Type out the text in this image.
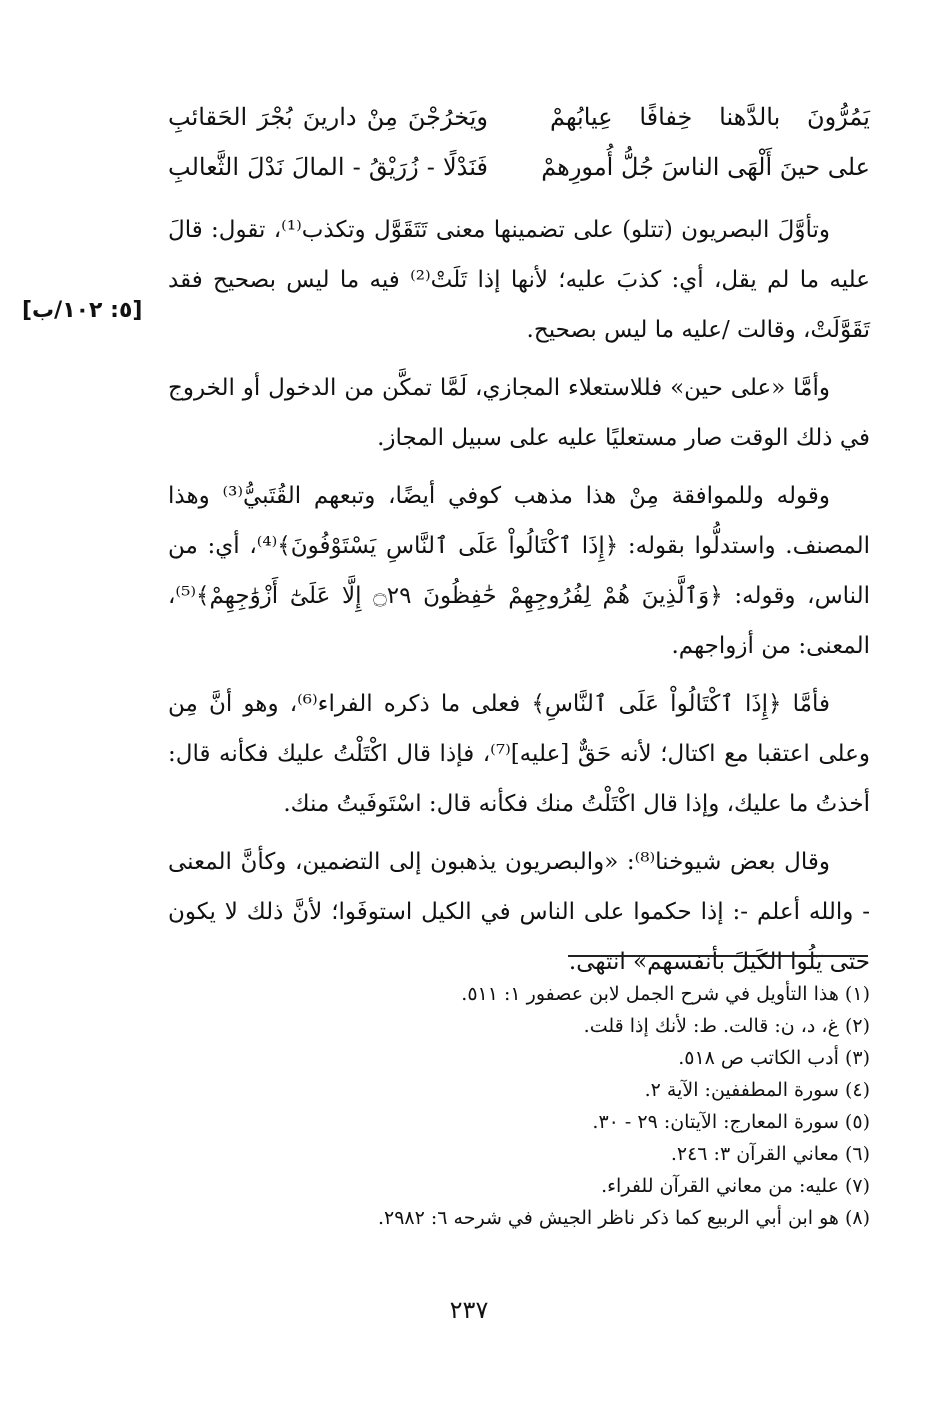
[٥: ١٠٢/ب]
يَمُرُّونَ بالدَّهنا خِفافًا عِيابُهمْ
ويَخرُجْنَ مِنْ دارينَ بُجْرَ الحَقائبِ
على حينَ أَلْهَى الناسَ جُلُّ أُمورِهمْ
فَنَدْلًا - زُرَيْقُ - المالَ نَدْلَ الثَّعالبِ

وتأوَّلَ البصريون (تتلو) على تضمينها معنى تَتَقَوَّل وتكذب⁽¹⁾، تقول: قالَ عليه ما لم يقل، أي: كذبَ عليه؛ لأنها إذا تَلَتْ⁽²⁾ فيه ما ليس بصحيح فقد تَقَوَّلَتْ، وقالت /عليه ما ليس بصحيح.

وأمَّا «على حين» فللاستعلاء المجازي، لَمَّا تمكَّن من الدخول أو الخروج في ذلك الوقت صار مستعليًا عليه على سبيل المجاز.

وقوله وللموافقة مِنْ هذا مذهب كوفي أيضًا، وتبعهم القُتَبيُّ⁽³⁾ وهذا المصنف. واستدلُّوا بقوله: ﴿إِذَا ٱكْتَالُواْ عَلَى ٱلنَّاسِ يَسْتَوْفُونَ﴾⁽⁴⁾، أي: من الناس، وقوله: ﴿وَٱلَّذِينَ هُمْ لِفُرُوجِهِمْ حَٰفِظُونَ ۝٢٩ إِلَّا عَلَىٰٓ أَزْوَٰجِهِمْ﴾⁽⁵⁾، المعنى: من أزواجهم.

فأمَّا ﴿إِذَا ٱكْتَالُواْ عَلَى ٱلنَّاسِ﴾ فعلى ما ذكره الفراء⁽⁶⁾، وهو أنَّ مِن وعلى اعتقبا مع اكتال؛ لأنه حَقٌّ [عليه]⁽⁷⁾، فإذا قال اكْتَلْتُ عليك فكأنه قال: أخذتُ ما عليك، وإذا قال اكْتَلْتُ منك فكأنه قال: اسْتَوفَيتُ منك.

وقال بعض شيوخنا⁽⁸⁾: «والبصريون يذهبون إلى التضمين، وكأنَّ المعنى - والله أعلم -: إذا حكموا على الناس في الكيل استوفَوا؛ لأنَّ ذلك لا يكون حتى يَلُوا الكَيلَ بأنفسهم» انتهى.

(١) هذا التأويل في شرح الجمل لابن عصفور ١: ٥١١.
(٢) غ، د، ن: قالت. ط: لأنك إذا قلت.
(٣) أدب الكاتب ص ٥١٨.
(٤) سورة المطففين: الآية ٢.
(٥) سورة المعارج: الآيتان: ٢٩ - ٣٠.
(٦) معاني القرآن ٣: ٢٤٦.
(٧) عليه: من معاني القرآن للفراء.
(٨) هو ابن أبي الربيع كما ذكر ناظر الجيش في شرحه ٦: ٢٩٨٢.
٢٣٧
